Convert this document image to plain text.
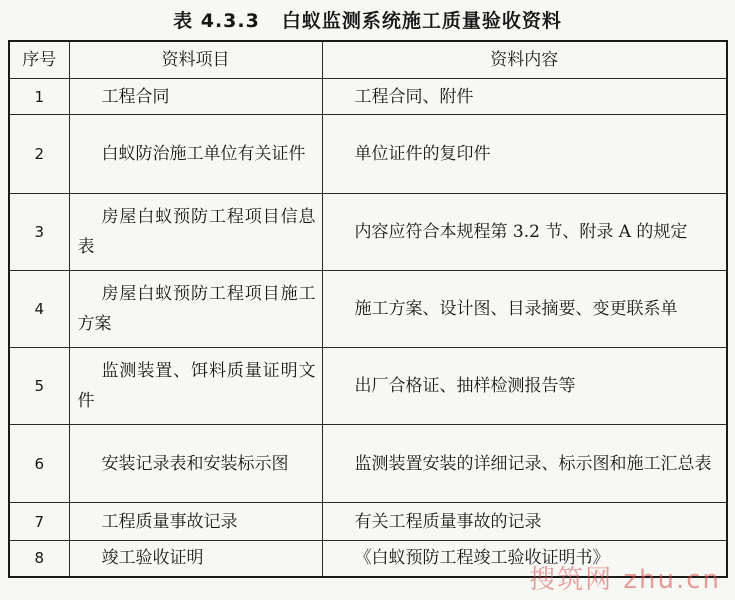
表 4.3.3 白蚁监测系统施工质量验收资料
序号	资料项目	资料内容
1	工程合同	工程合同、附件
2	白蚁防治施工单位有关证件	单位证件的复印件
3	房屋白蚁预防工程项目信息表	内容应符合本规程第 3.2 节、附录 A 的规定
4	房屋白蚁预防工程项目施工方案	施工方案、设计图、目录摘要、变更联系单
5	监测装置、饵料质量证明文件	出厂合格证、抽样检测报告等
6	安装记录表和安装标示图	监测装置安装的详细记录、标示图和施工汇总表
7	工程质量事故记录	有关工程质量事故的记录
8	竣工验收证明	《白蚁预防工程竣工验收证明书》
搜筑网 zhu.cn
